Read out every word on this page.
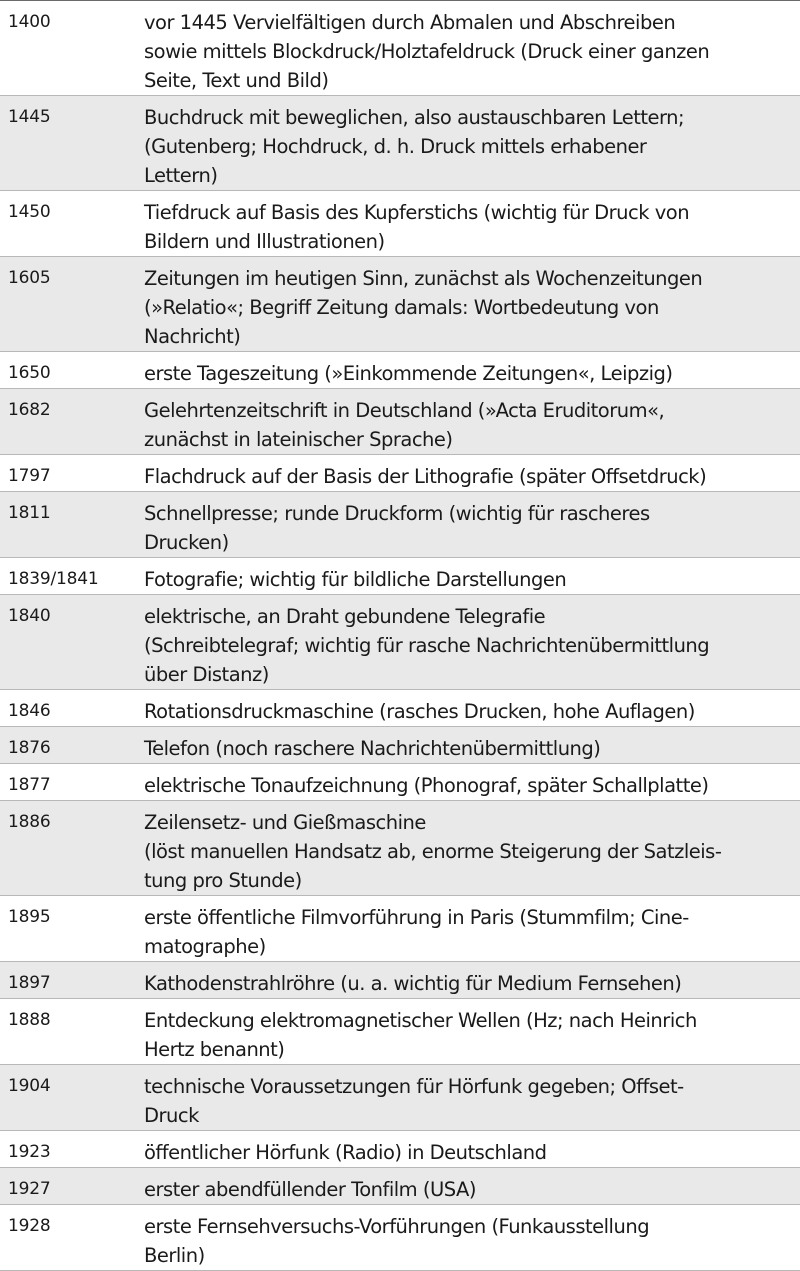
1400	vor 1445 Vervielfältigen durch Abmalen und Abschreiben
sowie mittels Blockdruck/Holztafeldruck (Druck einer ganzen
Seite, Text und Bild)
1445	Buchdruck mit beweglichen, also austauschbaren Lettern;
(Gutenberg; Hochdruck, d. h. Druck mittels erhabener
Lettern)
1450	Tiefdruck auf Basis des Kupferstichs (wichtig für Druck von
Bildern und Illustrationen)
1605	Zeitungen im heutigen Sinn, zunächst als Wochenzeitungen
(»Relatio«; Begriff Zeitung damals: Wortbedeutung von
Nachricht)
1650	erste Tageszeitung (»Einkommende Zeitungen«, Leipzig)
1682	Gelehrtenzeitschrift in Deutschland (»Acta Eruditorum«,
zunächst in lateinischer Sprache)
1797	Flachdruck auf der Basis der Lithografie (später Offsetdruck)
1811	Schnellpresse; runde Druckform (wichtig für rascheres
Drucken)
1839/1841	Fotografie; wichtig für bildliche Darstellungen
1840	elektrische, an Draht gebundene Telegrafie
(Schreibtelegraf; wichtig für rasche Nachrichtenübermittlung
über Distanz)
1846	Rotationsdruckmaschine (rasches Drucken, hohe Auflagen)
1876	Telefon (noch raschere Nachrichtenübermittlung)
1877	elektrische Tonaufzeichnung (Phonograf, später Schallplatte)
1886	Zeilensetz- und Gießmaschine
(löst manuellen Handsatz ab, enorme Steigerung der Satzleis-
tung pro Stunde)
1895	erste öffentliche Filmvorführung in Paris (Stummfilm; Cine-
matographe)
1897	Kathodenstrahlröhre (u. a. wichtig für Medium Fernsehen)
1888	Entdeckung elektromagnetischer Wellen (Hz; nach Heinrich
Hertz benannt)
1904	technische Voraussetzungen für Hörfunk gegeben; Offset-
Druck
1923	öffentlicher Hörfunk (Radio) in Deutschland
1927	erster abendfüllender Tonfilm (USA)
1928	erste Fernsehversuchs-Vorführungen (Funkausstellung
Berlin)
